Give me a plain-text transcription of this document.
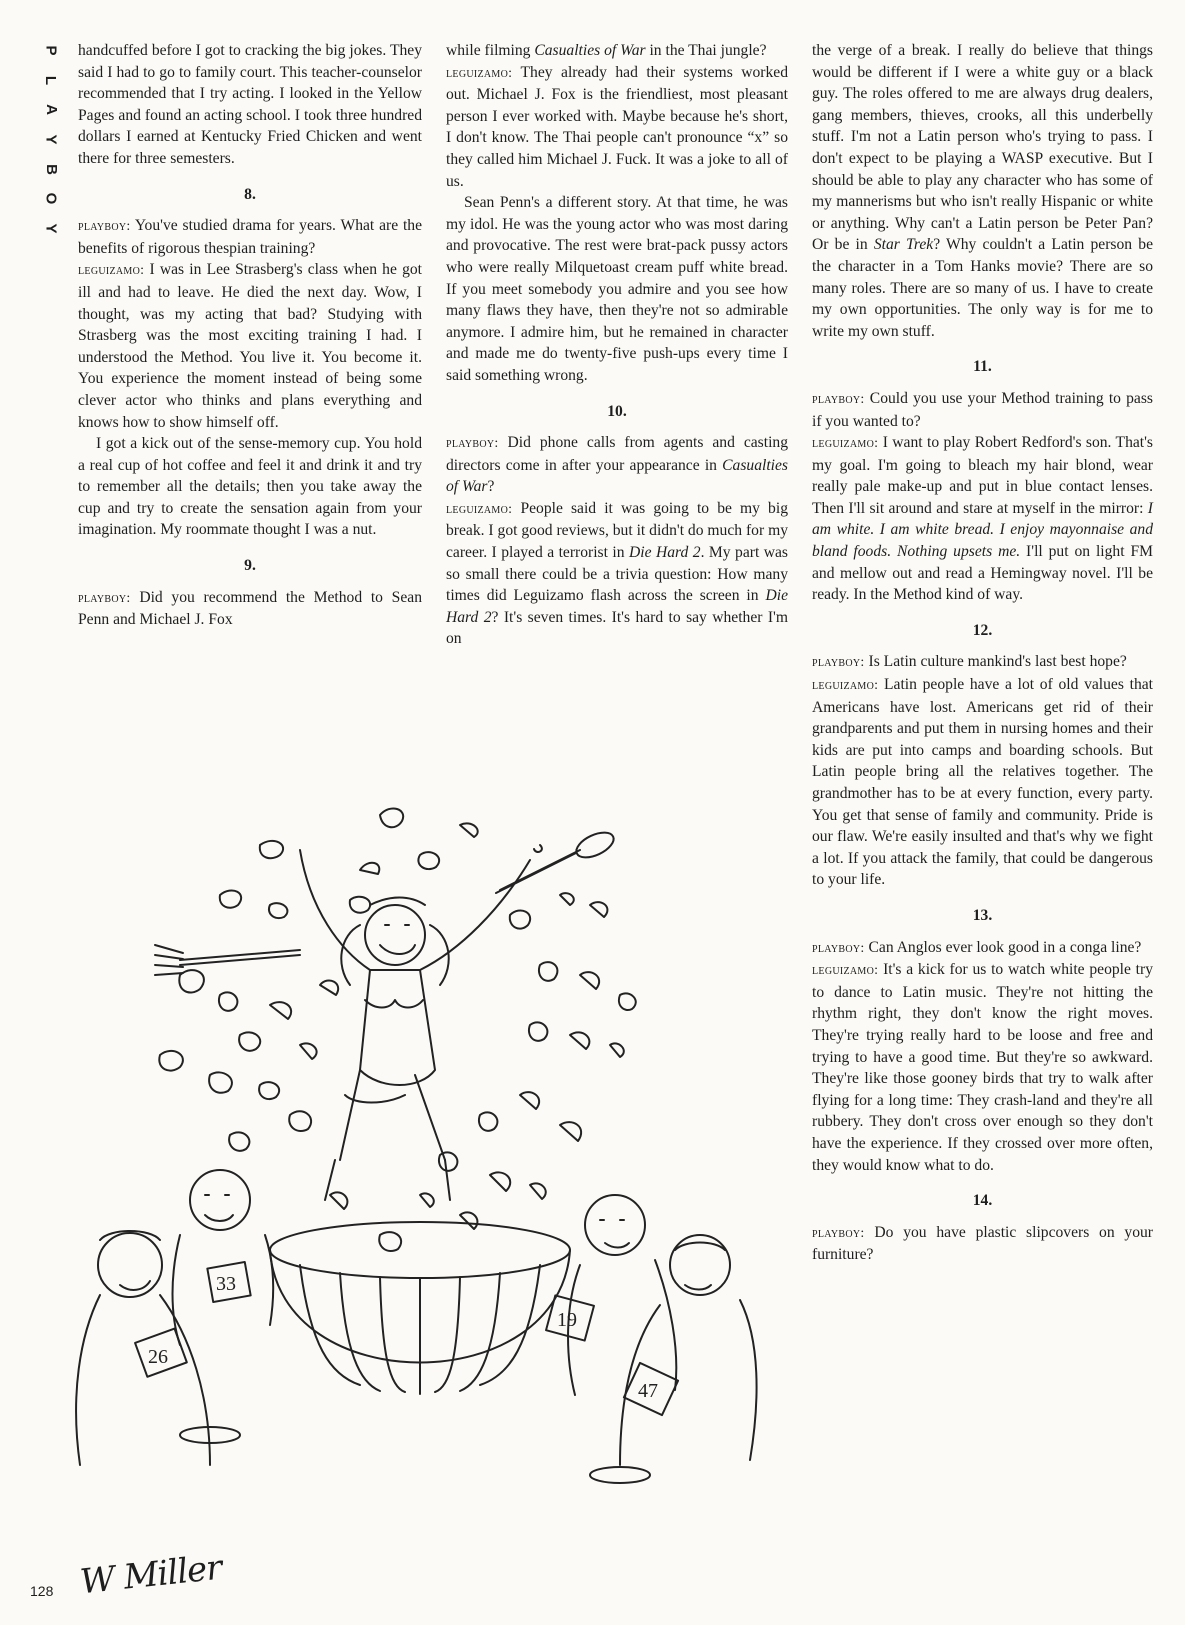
P
L
A
Y
B
O
Y

handcuffed before I got to cracking the big jokes. They said I had to go to family court. This teacher-counselor recommended that I try acting. I looked in the Yellow Pages and found an acting school. I took three hundred dollars I earned at Kentucky Fried Chicken and went there for three semesters.

8.

playboy: You've studied drama for years. What are the benefits of rigorous thespian training?

leguizamo: I was in Lee Strasberg's class when he got ill and had to leave. He died the next day. Wow, I thought, was my acting that bad? Studying with Strasberg was the most exciting training I had. I understood the Method. You live it. You become it. You experience the moment instead of being some clever actor who thinks and plans everything and knows how to show himself off.

I got a kick out of the sense-memory cup. You hold a real cup of hot coffee and feel it and drink it and try to remember all the details; then you take away the cup and try to create the sensation again from your imagination. My roommate thought I was a nut.

9.

playboy: Did you recommend the Method to Sean Penn and Michael J. Fox

while filming Casualties of War in the Thai jungle?

leguizamo: They already had their systems worked out. Michael J. Fox is the friendliest, most pleasant person I ever worked with. Maybe because he's short, I don't know. The Thai people can't pronounce “x” so they called him Michael J. Fuck. It was a joke to all of us.

Sean Penn's a different story. At that time, he was my idol. He was the young actor who was most daring and provocative. The rest were brat-pack pussy actors who were really Milquetoast cream puff white bread. If you meet somebody you admire and you see how many flaws they have, then they're not so admirable anymore. I admire him, but he remained in character and made me do twenty-five push-ups every time I said something wrong.

10.

playboy: Did phone calls from agents and casting directors come in after your appearance in Casualties of War?

leguizamo: People said it was going to be my big break. I got good reviews, but it didn't do much for my career. I played a terrorist in Die Hard 2. My part was so small there could be a trivia question: How many times did Leguizamo flash across the screen in Die Hard 2? It's seven times. It's hard to say whether I'm on

the verge of a break. I really do believe that things would be different if I were a white guy or a black guy. The roles offered to me are always drug dealers, gang members, thieves, crooks, all this underbelly stuff. I'm not a Latin person who's trying to pass. I don't expect to be playing a WASP executive. But I should be able to play any character who has some of my mannerisms but who isn't really Hispanic or white or anything. Why can't a Latin person be Peter Pan? Or be in Star Trek? Why couldn't a Latin person be the character in a Tom Hanks movie? There are so many roles. There are so many of us. I have to create my own opportunities. The only way is for me to write my own stuff.

11.

playboy: Could you use your Method training to pass if you wanted to?

leguizamo: I want to play Robert Redford's son. That's my goal. I'm going to bleach my hair blond, wear really pale make-up and put in blue contact lenses. Then I'll sit around and stare at myself in the mirror: I am white. I am white bread. I enjoy mayonnaise and bland foods. Nothing upsets me. I'll put on light FM and mellow out and read a Hemingway novel. I'll be ready. In the Method kind of way.

12.

playboy: Is Latin culture mankind's last best hope?

leguizamo: Latin people have a lot of old values that Americans have lost. Americans get rid of their grandparents and put them in nursing homes and their kids are put into camps and boarding schools. But Latin people bring all the relatives together. The grandmother has to be at every function, every party. You get that sense of family and community. Pride is our flaw. We're easily insulted and that's why we fight a lot. If you attack the family, that could be dangerous to your life.

13.

playboy: Can Anglos ever look good in a conga line?

leguizamo: It's a kick for us to watch white people try to dance to Latin music. They're not hitting the rhythm right, they don't know the right moves. They're trying really hard to be loose and free and trying to have a good time. But they're so awkward. They're like those gooney birds that try to walk after flying for a long time: They crash-land and they're all rubbery. They don't cross over enough so they don't have the experience. If they crossed over more often, they would know what to do.

14.

playboy: Do you have plastic slipcovers on your furniture?

26
33
19
47
W Miller
128
